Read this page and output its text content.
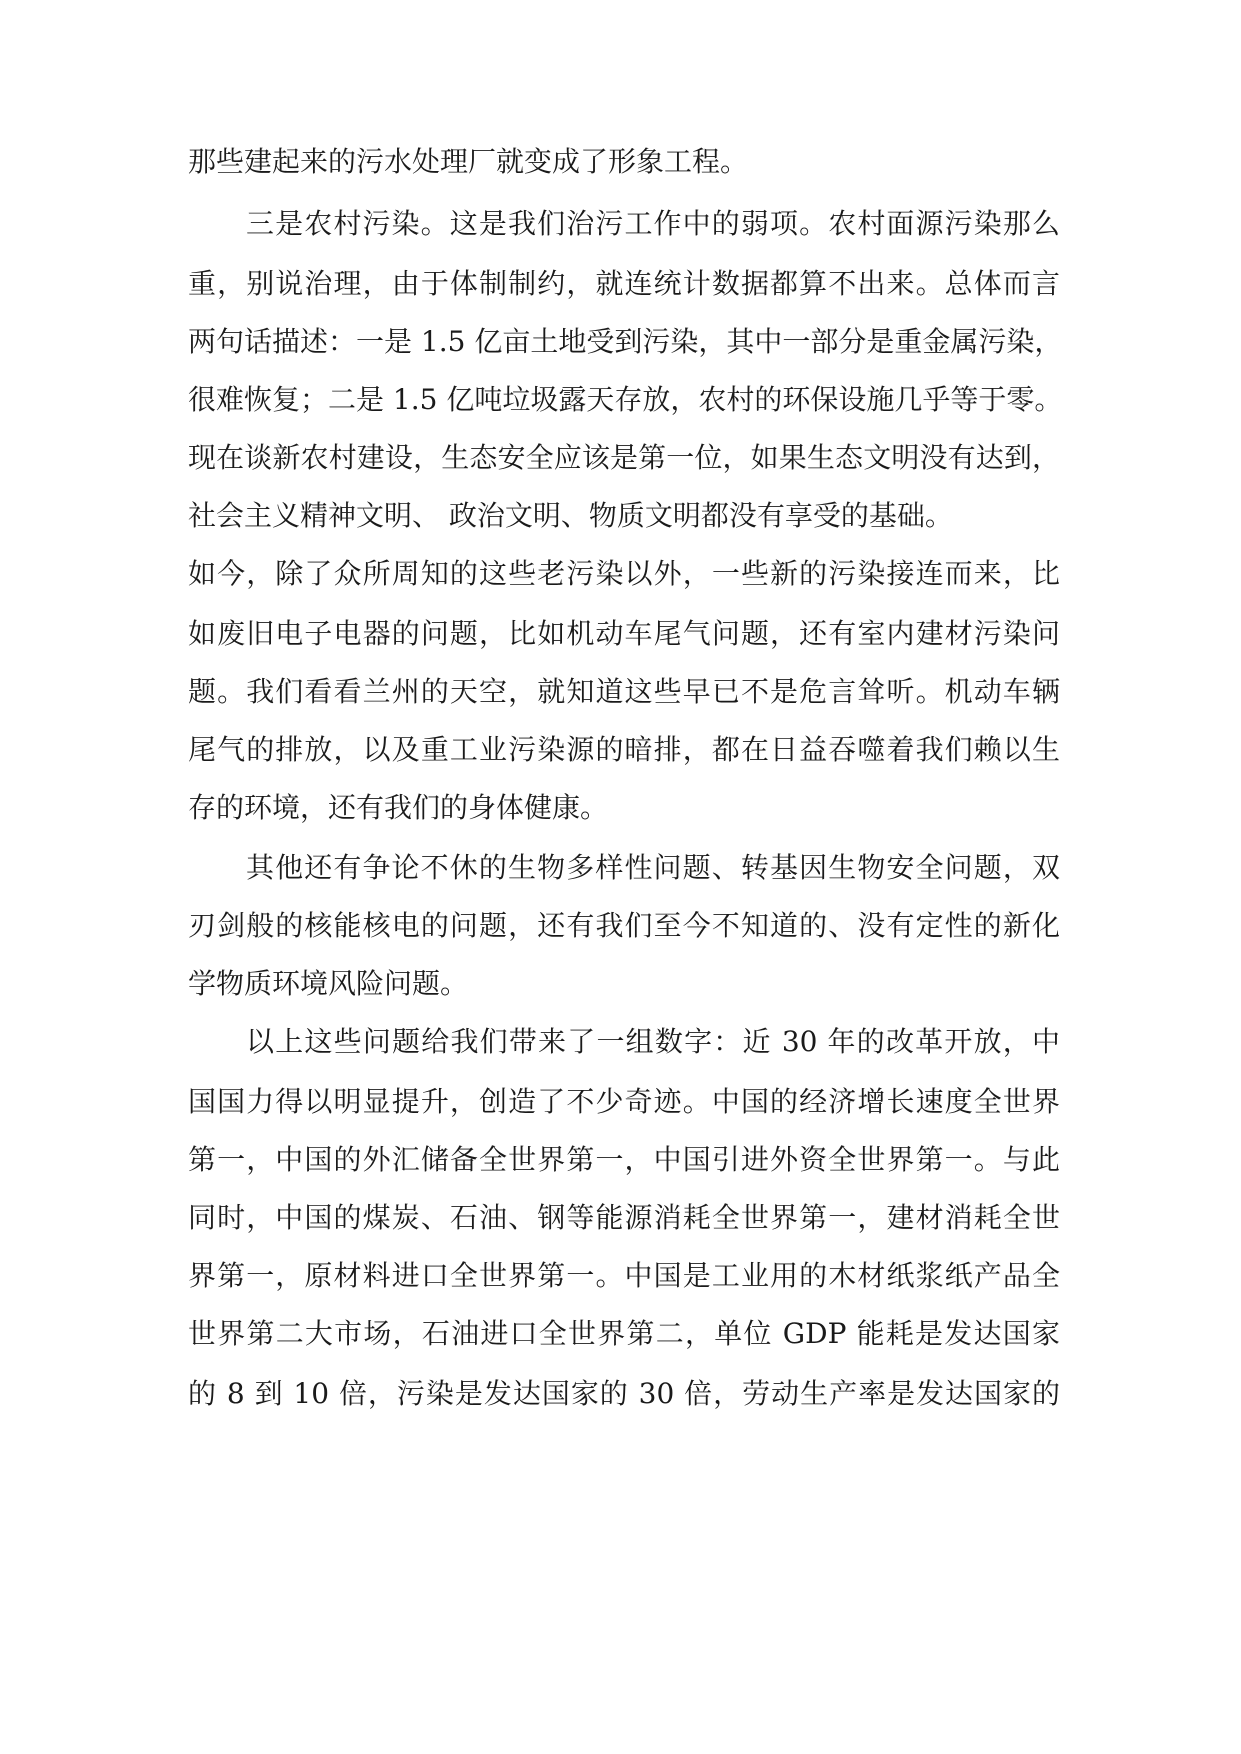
那些建起来的污水处理厂就变成了形象工程。
三是农村污染。这是我们治污工作中的弱项。农村面源污染那么
重，别说治理，由于体制制约，就连统计数据都算不出来。总体而言
两句话描述：一是 1.5 亿亩土地受到污染，其中一部分是重金属污染，
很难恢复；二是 1.5 亿吨垃圾露天存放，农村的环保设施几乎等于零。
现在谈新农村建设，生态安全应该是第一位，如果生态文明没有达到，
社会主义精神文明、 政治文明、物质文明都没有享受的基础。
如今，除了众所周知的这些老污染以外，一些新的污染接连而来，比
如废旧电子电器的问题，比如机动车尾气问题，还有室内建材污染问
题。我们看看兰州的天空，就知道这些早已不是危言耸听。机动车辆
尾气的排放，以及重工业污染源的暗排，都在日益吞噬着我们赖以生
存的环境，还有我们的身体健康。
其他还有争论不休的生物多样性问题、转基因生物安全问题，双
刃剑般的核能核电的问题，还有我们至今不知道的、没有定性的新化
学物质环境风险问题。
以上这些问题给我们带来了一组数字：近 30 年的改革开放，中
国国力得以明显提升，创造了不少奇迹。中国的经济增长速度全世界
第一，中国的外汇储备全世界第一，中国引进外资全世界第一。与此
同时，中国的煤炭、石油、钢等能源消耗全世界第一，建材消耗全世
界第一，原材料进口全世界第一。中国是工业用的木材纸浆纸产品全
世界第二大市场，石油进口全世界第二，单位 GDP 能耗是发达国家
的 8 到 10 倍，污染是发达国家的 30 倍，劳动生产率是发达国家的
